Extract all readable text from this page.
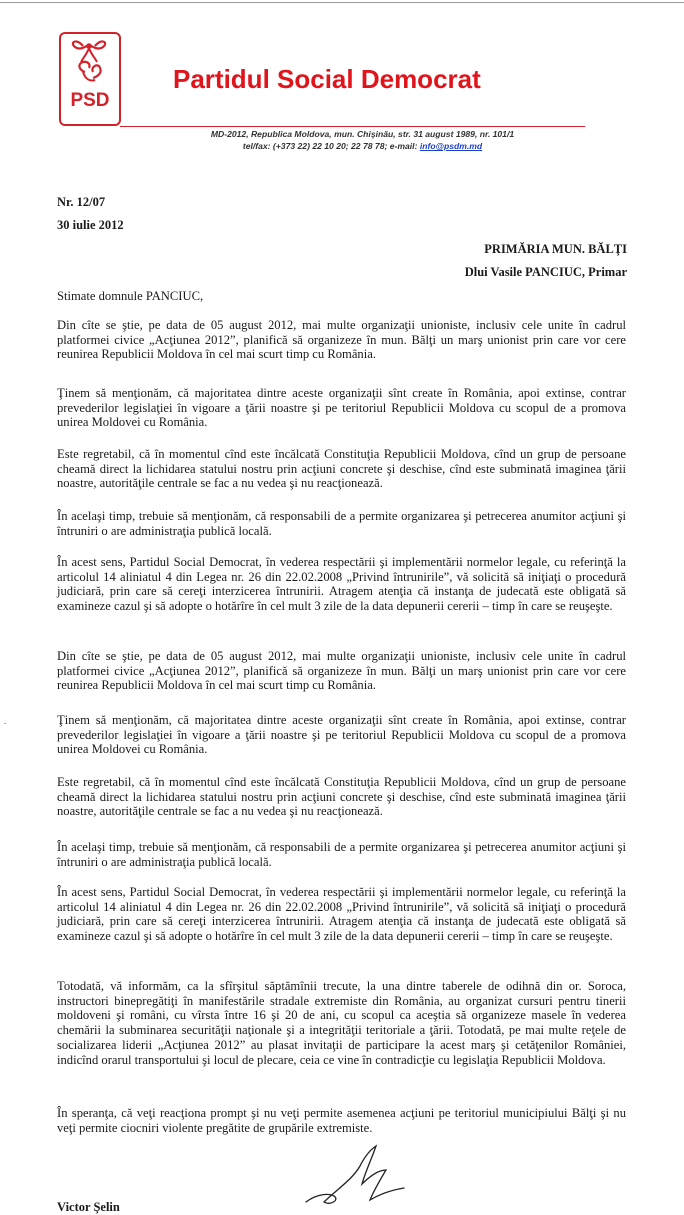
PSD
Partidul Social Democrat
MD-2012, Republica Moldova, mun. Chişinău, str. 31 august 1989, nr. 101/1
tel/fax: (+373 22) 22 10 20; 22 78 78; e-mail: info@psdm.md
Nr. 12/07
30 iulie 2012
PRIMĂRIA MUN. BĂLŢI
Dlui Vasile PANCIUC, Primar
Stimate domnule PANCIUC,

Din cîte se ştie, pe data de 05 august 2012, mai multe organizaţii unioniste, inclusiv cele unite în cadrul platformei civice „Acţiunea 2012”, planifică să organizeze în mun. Bălţi un marş unionist prin care vor cere reunirea Republicii Moldova în cel mai scurt timp cu România.

Ţinem să menţionăm, că majoritatea dintre aceste organizaţii sînt create în România, apoi extinse, contrar prevederilor legislaţiei în vigoare a ţării noastre şi pe teritoriul Republicii Moldova cu scopul de a promova unirea Moldovei cu România.

Este regretabil, că în momentul cînd este încălcată Constituţia Republicii Moldova, cînd un grup de persoane cheamă direct la lichidarea statului nostru prin acţiuni concrete şi deschise, cînd este subminată imaginea ţării noastre, autorităţile centrale se fac a nu vedea şi nu reacţionează.

În acelaşi timp, trebuie să menţionăm, că responsabili de a permite organizarea şi petrecerea anumitor acţiuni şi întruniri o are administraţia publică locală.

În acest sens, Partidul Social Democrat, în vederea respectării şi implementării normelor legale, cu referinţă la articolul 14 aliniatul 4 din Legea nr. 26 din 22.02.2008 „Privind întrunirile”, vă solicită să iniţiaţi o procedură judiciară, prin care să cereţi interzicerea întrunirii. Atragem atenţia că instanţa de judecată este obligată să examineze cazul şi să adopte o hotărîre în cel mult 3 zile de la data depunerii cererii – timp în care se reuşeşte.

Din cîte se ştie, pe data de 05 august 2012, mai multe organizaţii unioniste, inclusiv cele unite în cadrul platformei civice „Acţiunea 2012”, planifică să organizeze în mun. Bălţi un marş unionist prin care vor cere reunirea Republicii Moldova în cel mai scurt timp cu România.

Ţinem să menţionăm, că majoritatea dintre aceste organizaţii sînt create în România, apoi extinse, contrar prevederilor legislaţiei în vigoare a ţării noastre şi pe teritoriul Republicii Moldova cu scopul de a promova unirea Moldovei cu România.

Este regretabil, că în momentul cînd este încălcată Constituţia Republicii Moldova, cînd un grup de persoane cheamă direct la lichidarea statului nostru prin acţiuni concrete şi deschise, cînd este subminată imaginea ţării noastre, autorităţile centrale se fac a nu vedea şi nu reacţionează.

În acelaşi timp, trebuie să menţionăm, că responsabili de a permite organizarea şi petrecerea anumitor acţiuni şi întruniri o are administraţia publică locală.

În acest sens, Partidul Social Democrat, în vederea respectării şi implementării normelor legale, cu referinţă la articolul 14 aliniatul 4 din Legea nr. 26 din 22.02.2008 „Privind întrunirile”, vă solicită să iniţiaţi o procedură judiciară, prin care să cereţi interzicerea întrunirii. Atragem atenţia că instanţa de judecată este obligată să examineze cazul şi să adopte o hotărîre în cel mult 3 zile de la data depunerii cererii – timp în care se reuşeşte.

Totodată, vă informăm, ca la sfîrşitul săptămînii trecute, la una dintre taberele de odihnă din or. Soroca, instructori binepregătiţi în manifestările stradale extremiste din România, au organizat cursuri pentru tinerii moldoveni şi români, cu vîrsta între 16 şi 20 de ani, cu scopul ca aceştia să organizeze masele în vederea chemării la subminarea securităţii naţionale şi a integrităţii teritoriale a ţării. Totodată, pe mai multe reţele de socializarea liderii „Acţiunea 2012” au plasat invitaţii de participare la acest marş şi cetăţenilor României, indicînd orarul transportului şi locul de plecare, ceia ce vine în contradicţie cu legislaţia Republicii Moldova.

În speranţa, că veţi reacţiona prompt şi nu veţi permite asemenea acţiuni pe teritoriul municipiului Bălţi şi nu veţi permite ciocniri violente pregătite de grupările extremiste.

.
Victor Şelin
